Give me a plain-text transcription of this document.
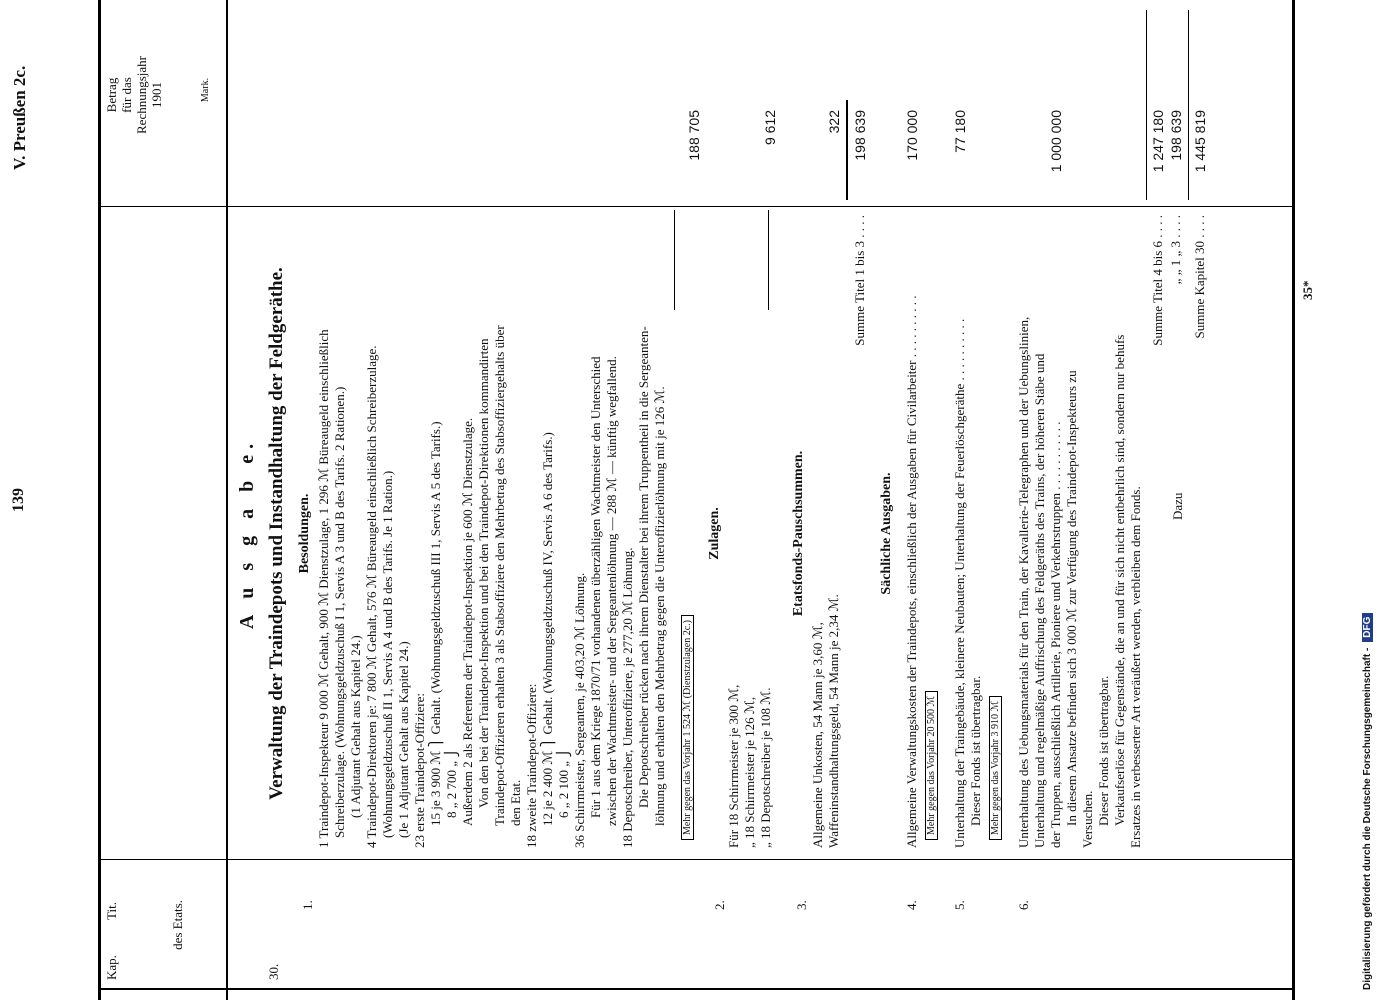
139
V. Preußen 2c.
Kap.
Tit.	des Etats.
Betrag für das Rechnungsjahr 1901	Mark.
A u s g a b e. Verwaltung der Traindepots und Instandhaltung der Feldgeräthe.
30.
1.
Besoldungen. 1 Traindepot-Inspekteur 9 000 ℳ Gehalt, 900 ℳ Dienstzulage, 1 296 ℳ Büreaugeld einschließlich Schreiberzulage. (Wohnungsgeldzuschuß I 1, Servis A 3 und B des Tarifs. 2 Rationen.) (1 Adjutant Gehalt aus Kapitel 24.) 4 Traindepot-Direktoren je: 7 800 ℳ Gehalt, 576 ℳ Büreaugeld einschließlich Schreiberzulage. (Wohnungsgeldzuschuß II 1, Servis A 4 und B des Tarifs. Je 1 Ration.) (Je 1 Adjutant Gehalt aus Kapitel 24.) 23 erste Traindepot-Offiziere: 15 je 3 900 ℳ ⎫ Gehalt. (Wohnungsgeldzuschuß III 1, Servis A 5 des Tarifs.) 8 „ 2 700 „ ⎭ Außerdem 2 als Referenten der Traindepot-Inspektion je 600 ℳ Dienstzulage. Von den bei der Traindepot-Inspektion und bei den Traindepot-Direktionen kommandirten Traindepot-Offizieren erhalten 3 als Stabsoffiziere den Mehrbetrag des Stabsoffiziergehalts über den Etat. 18 zweite Traindepot-Offiziere: 12 je 2 400 ℳ ⎫ Gehalt. (Wohnungsgeldzuschuß IV, Servis A 6 des Tarifs.) 6 „ 2 100 „ ⎭ 36 Schirrmeister, Sergeanten, je 403,20 ℳ Löhnung. Für 1 aus dem Kriege 1870/71 vorhandenen überzähligen Wachtmeister den Unterschied zwischen der Wachtmeister- und der Sergeantenlöhnung — 288 ℳ — künftig wegfallend. 18 Depotschreiber, Unteroffiziere, je 277,20 ℳ Löhnung. Die Depotschreiber rücken nach ihrem Dienstalter bei ihrem Truppentheil in die Sergeanten- löhnung und erhalten den Mehrbetrag gegen die Unteroffizierlöhnung mit je 126 ℳ. Mehr gegen das Vorjahr 1 524 ℳ (Dienstzulagen 2c.)
188 705
2.
Zulagen.
Für 18 Schirrmeister je 300 ℳ, „ 18 Schirrmeister je 126 ℳ, „ 18 Depotschreiber je 108 ℳ.
9 612
3.
Etatsfonds-Pauschsummen.
Allgemeine Unkosten, 54 Mann je 3,60 ℳ, Waffeninstandhaltungsgeld, 54 Mann je 2,34 ℳ.
322
Summe Titel 1 bis 3 . . . .
198 639
Sächliche Ausgaben.
4.
Allgemeine Verwaltungskosten der Traindepots, einschließlich der Ausgaben für Civilarbeiter . . . . . . . . . .
170 000
Mehr gegen das Vorjahr 20 500 ℳ
5.
Unterhaltung der Traingebäude, kleinere Neubauten; Unterhaltung der Feuerlöschgeräthe . . . . . . . . . . Dieser Fonds ist übertragbar.
77 180
Mehr gegen das Vorjahr 3 910 ℳ
6.
Unterhaltung des Uebungsmaterials für den Train, der Kavallerie-Telegraphen und der Uebungslinien, Unterhaltung und regelmäßige Auffrischung des Feldgeräths des Trains, der höheren Stäbe und der Truppen, ausschließlich Artillerie, Pioniere und Verkehrstruppen . . . . . . . . . . . In diesem Ansatze befinden sich 3 000 ℳ zur Verfügung des Traindepot-Inspekteurs zu Versuchen. Dieser Fonds ist übertragbar. Verkaufserlöse für Gegenstände, die an und für sich nicht entbehrlich sind, sondern nur behufs Ersatzes in verbesserter Art veräußert werden, verbleiben dem Fonds.
1 000 000
Summe Titel 4 bis 6 . . . .
1 247 180
Dazu
„ „ 1 „ 3 . . . .
198 639
Summe Kapitel 30 . . . .
1 445 819
35*
Digitalisierung gefördert durch die Deutsche Forschungsgemeinschaft -
DFG
